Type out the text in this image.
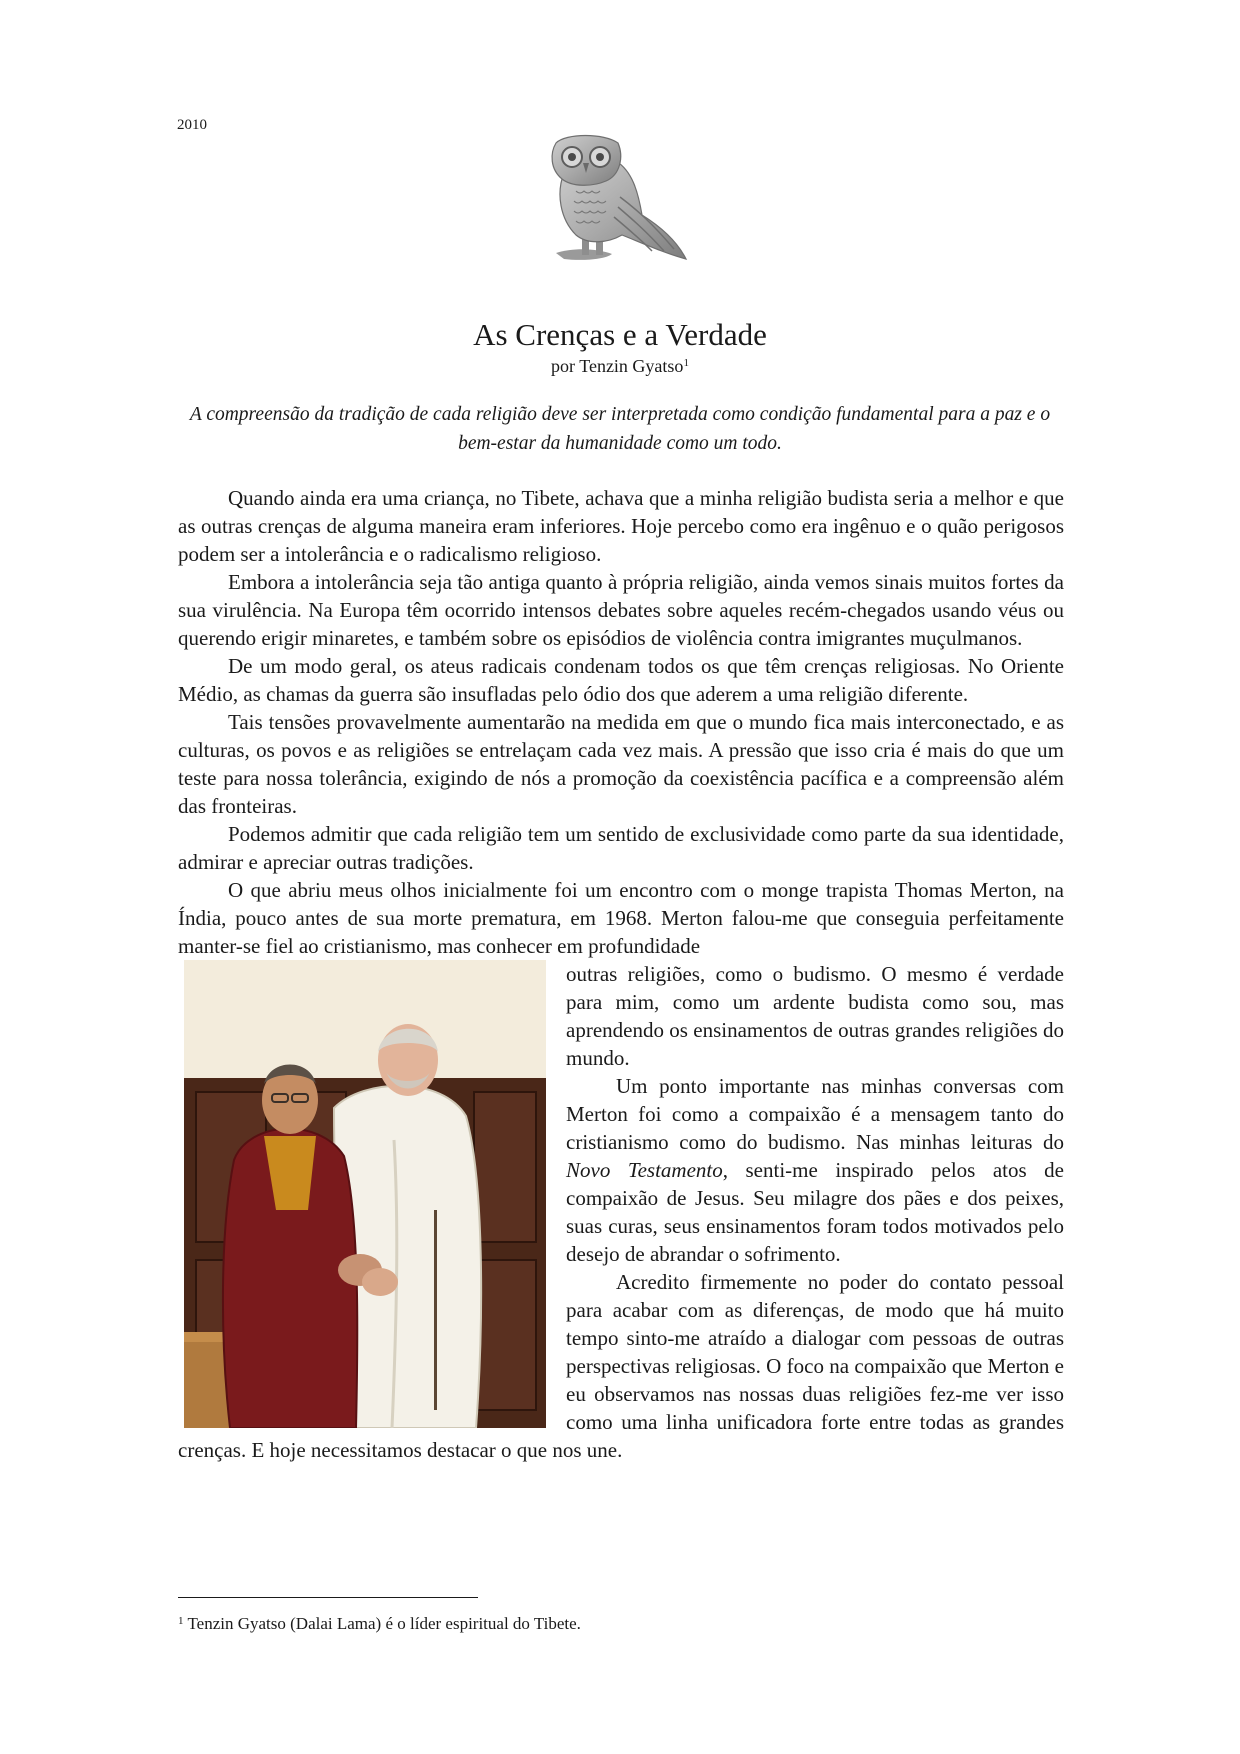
2010
As Crenças e a Verdade
por Tenzin Gyatso$^1$

A compreensão da tradição de cada religião deve ser interpretada como condição fundamental para a paz e o bem-estar da humanidade como um todo.

Quando ainda era uma criança, no Tibete, achava que a minha religião budista seria a melhor e que as outras crenças de alguma maneira eram inferiores. Hoje percebo como era ingênuo e o quão perigosos podem ser a intolerância e o radicalismo religioso.

Embora a intolerância seja tão antiga quanto à própria religião, ainda vemos sinais muitos fortes da sua virulência. Na Europa têm ocorrido intensos debates sobre aqueles recém-chegados usando véus ou querendo erigir minaretes, e também sobre os episódios de violência contra imigrantes muçulmanos.

De um modo geral, os ateus radicais condenam todos os que têm crenças religiosas. No Oriente Médio, as chamas da guerra são insufladas pelo ódio dos que aderem a uma religião diferente.

Tais tensões provavelmente aumentarão na medida em que o mundo fica mais interconectado, e as culturas, os povos e as religiões se entrelaçam cada vez mais. A pressão que isso cria é mais do que um teste para nossa tolerância, exigindo de nós a promoção da coexistência pacífica e a compreensão além das fronteiras.

Podemos admitir que cada religião tem um sentido de exclusividade como parte da sua identidade, admirar e apreciar outras tradições.

O que abriu meus olhos inicialmente foi um encontro com o monge trapista Thomas Merton, na Índia, pouco antes de sua morte prematura, em 1968. Merton falou-me que conseguia perfeitamente manter-se fiel ao cristianismo, mas conhecer em profundidade

outras religiões, como o budismo. O mesmo é verdade para mim, como um ardente budista como sou, mas aprendendo os ensinamentos de outras grandes religiões do mundo.

Um ponto importante nas minhas conversas com Merton foi como a compaixão é a mensagem tanto do cristianismo como do budismo. Nas minhas leituras do Novo Testamento, senti-me inspirado pelos atos de compaixão de Jesus. Seu milagre dos pães e dos peixes, suas curas, seus ensinamentos foram todos motivados pelo desejo de abrandar o sofrimento.

Acredito firmemente no poder do contato pessoal para acabar com as diferenças, de modo que há muito tempo sinto-me atraído a dialogar com pessoas de outras perspectivas religiosas. O foco na compaixão que Merton e eu observamos nas nossas duas religiões fez-me ver isso como uma linha unificadora forte entre todas as grandes crenças. E hoje necessitamos destacar o que nos une.

$^1$ Tenzin Gyatso (Dalai Lama) é o líder espiritual do Tibete.
